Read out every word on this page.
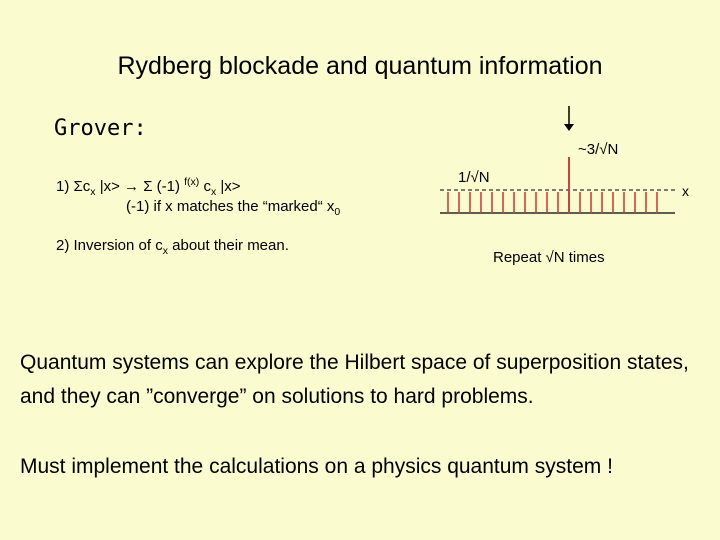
Rydberg blockade and quantum information
Grover:
1) $\Sigma c_x$ |x> → Σ (-1) $^{f(x)}$ $c_x$ |x>
(-1) if x matches the “marked“ $x_0$
2) Inversion of $c_x$ about their mean.
~3/√N
1/√N
x
Repeat √N times
Quantum systems can explore the Hilbert space of superposition states, and they can ”converge” on solutions to hard problems.
Must implement the calculations on a physics quantum system !
